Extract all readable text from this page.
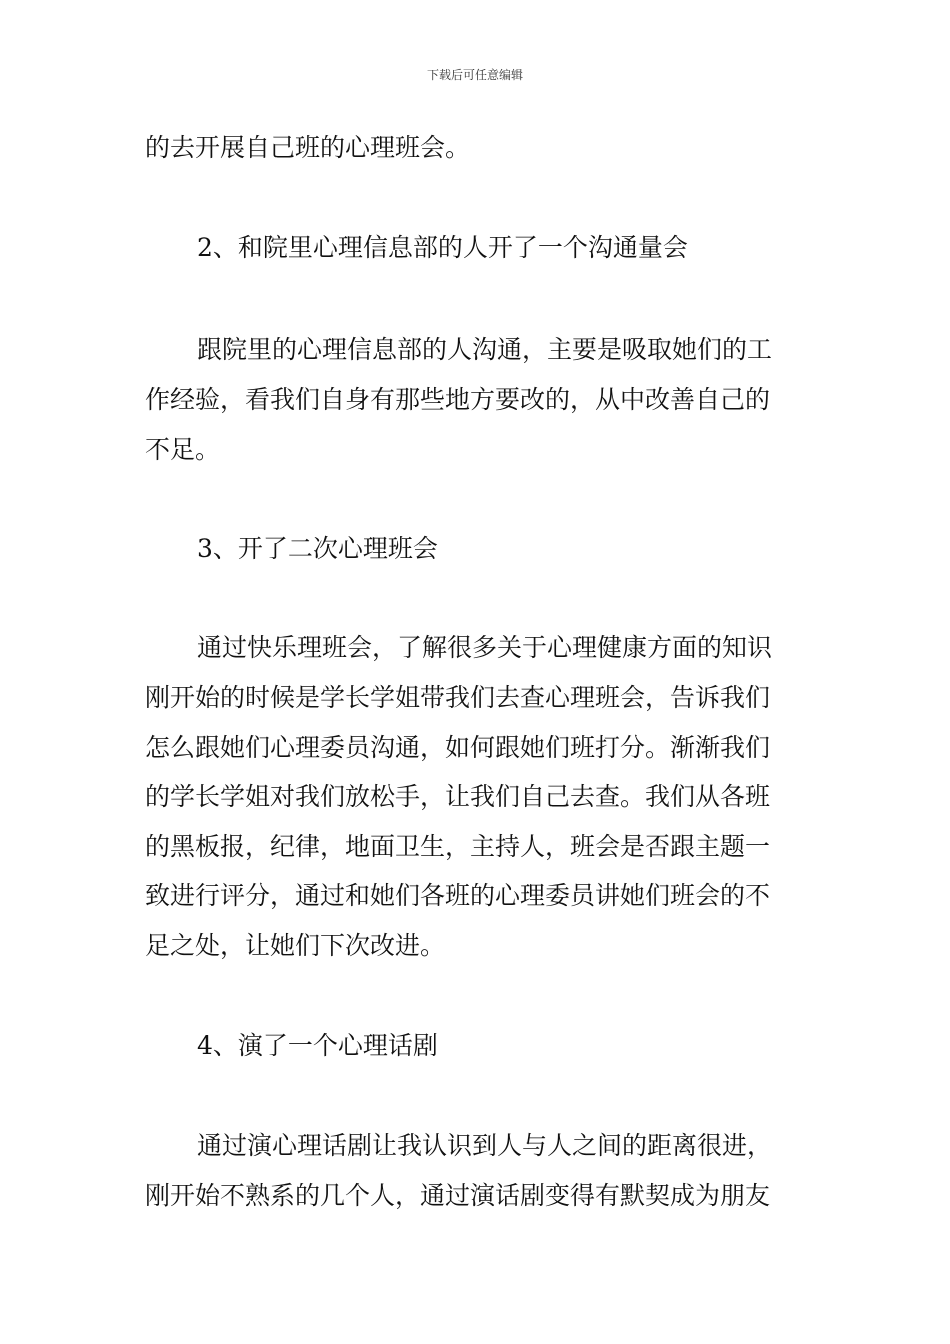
下载后可任意编辑

的去开展自己班的心理班会。

2、和院里心理信息部的人开了一个沟通量会

跟院里的心理信息部的人沟通，主要是吸取她们的工

作经验，看我们自身有那些地方要改的，从中改善自己的

不足。

3、开了二次心理班会

通过快乐理班会，了解很多关于心理健康方面的知识

刚开始的时候是学长学姐带我们去查心理班会，告诉我们

怎么跟她们心理委员沟通，如何跟她们班打分。渐渐我们

的学长学姐对我们放松手，让我们自己去查。我们从各班

的黑板报，纪律，地面卫生，主持人，班会是否跟主题一

致进行评分，通过和她们各班的心理委员讲她们班会的不

足之处，让她们下次改进。

4、演了一个心理话剧

通过演心理话剧让我认识到人与人之间的距离很进，

刚开始不熟系的几个人，通过演话剧变得有默契成为朋友
